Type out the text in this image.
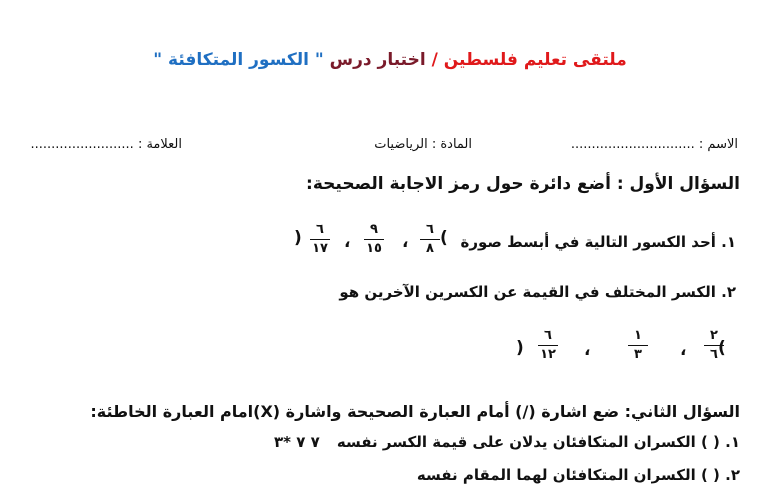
ملتقى تعليم فلسطين / اختبار درس " الكسور المتكافئة "
الاسم : ..............................
المادة : الرياضيات
العلامة : .........................
السؤال الأول : أضع دائرة حول رمز الاجابة الصحيحة:
١. أحد الكسور التالية في أبسط صورة
(
٦
٨
،
٩
١٥
،
٦
١٧
)
٢. الكسر المختلف في القيمة عن الكسرين الآخرين هو
(
٢
٦
،
١
٣
،
٦
١٢
)
السؤال الثاني: ضع اشارة (/) أمام العبارة الصحيحة واشارة (X)امام العبارة الخاطئة:
١. ( ) الكسران المتكافئان يدلان على قيمة الكسر نفسه
٧ ٧ *٣
٢. ( ) الكسران المتكافئان لهما المقام نفسه
